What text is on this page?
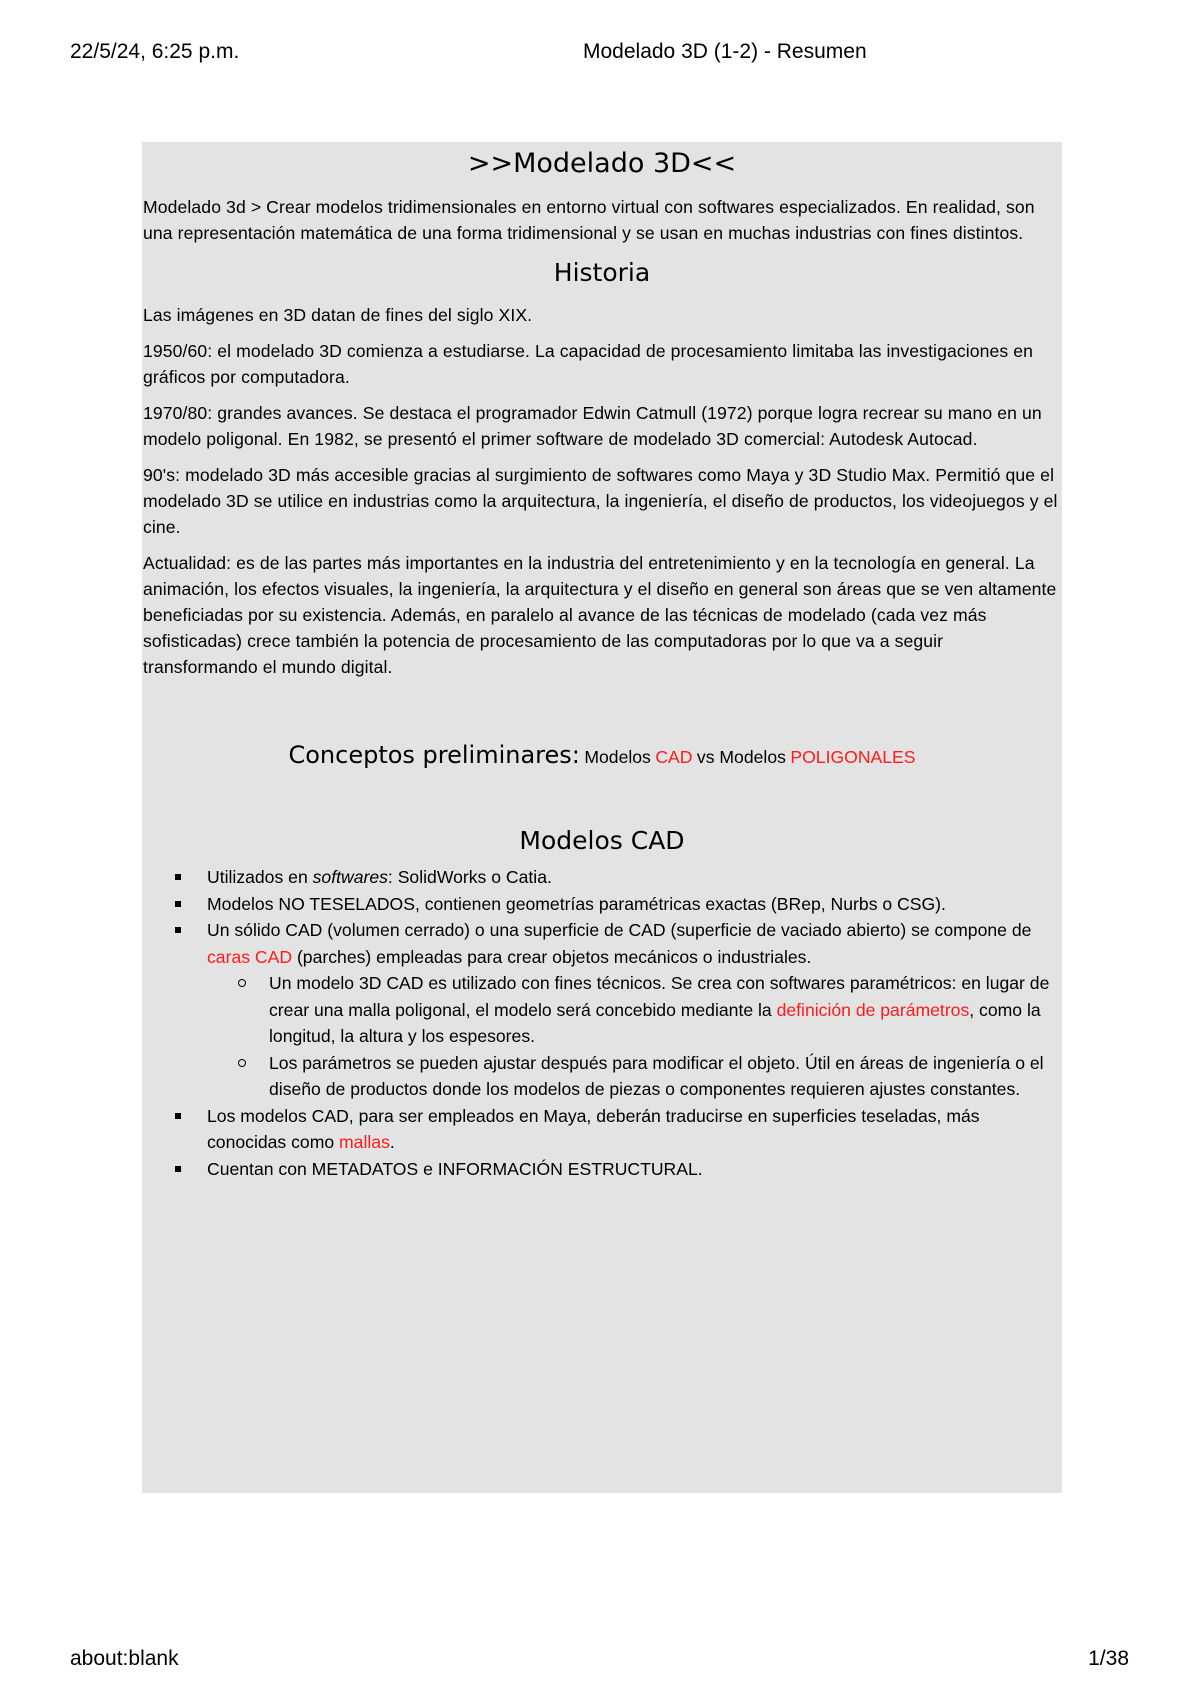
22/5/24, 6:25 p.m.	Modelado 3D (1-2) - Resumen
>>Modelado 3D<<

Modelado 3d > Crear modelos tridimensionales en entorno virtual con softwares especializados. En realidad, son una representación matemática de una forma tridimensional y se usan en muchas industrias con fines distintos.

Historia

Las imágenes en 3D datan de fines del siglo XIX.

1950/60: el modelado 3D comienza a estudiarse. La capacidad de procesamiento limitaba las investigaciones en gráficos por computadora.

1970/80: grandes avances. Se destaca el programador Edwin Catmull (1972) porque logra recrear su mano en un modelo poligonal. En 1982, se presentó el primer software de modelado 3D comercial: Autodesk Autocad.

90's: modelado 3D más accesible gracias al surgimiento de softwares como Maya y 3D Studio Max. Permitió que el modelado 3D se utilice en industrias como la arquitectura, la ingeniería, el diseño de productos, los videojuegos y el cine.

Actualidad: es de las partes más importantes en la industria del entretenimiento y en la tecnología en general. La animación, los efectos visuales, la ingeniería, la arquitectura y el diseño en general son áreas que se ven altamente beneficiadas por su existencia. Además, en paralelo al avance de las técnicas de modelado (cada vez más sofisticadas) crece también la potencia de procesamiento de las computadoras por lo que va a seguir transformando el mundo digital.

Conceptos preliminares: Modelos CAD vs Modelos POLIGONALES
Modelos CAD
Utilizados en softwares: SolidWorks o Catia.
Modelos NO TESELADOS, contienen geometrías paramétricas exactas (BRep, Nurbs o CSG).
Un sólido CAD (volumen cerrado) o una superficie de CAD (superficie de vaciado abierto) se compone de caras CAD (parches) empleadas para crear objetos mecánicos o industriales.
Un modelo 3D CAD es utilizado con fines técnicos. Se crea con softwares paramétricos: en lugar de crear una malla poligonal, el modelo será concebido mediante la definición de parámetros, como la longitud, la altura y los espesores.
Los parámetros se pueden ajustar después para modificar el objeto. Útil en áreas de ingeniería o el diseño de productos donde los modelos de piezas o componentes requieren ajustes constantes.
Los modelos CAD, para ser empleados en Maya, deberán traducirse en superficies teseladas, más conocidas como mallas.
Cuentan con METADATOS e INFORMACIÓN ESTRUCTURAL.
about:blank	1/38
